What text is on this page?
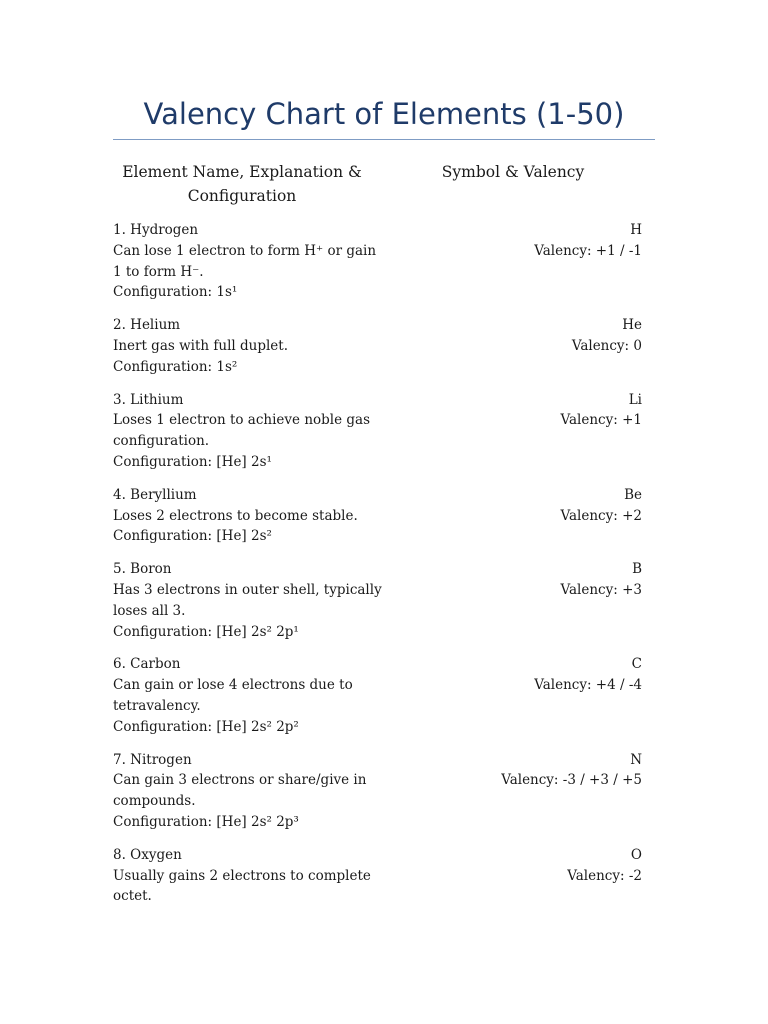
Valency Chart of Elements (1-50)
Element Name, Explanation & Configuration
Symbol & Valency
1. Hydrogen
Can lose 1 electron to form H⁺ or gain 1 to form H⁻.
Configuration: 1s¹
H
Valency: +1 / -1
2. Helium
Inert gas with full duplet.
Configuration: 1s²
He
Valency: 0
3. Lithium
Loses 1 electron to achieve noble gas configuration.
Configuration: [He] 2s¹
Li
Valency: +1
4. Beryllium
Loses 2 electrons to become stable.
Configuration: [He] 2s²
Be
Valency: +2
5. Boron
Has 3 electrons in outer shell, typically loses all 3.
Configuration: [He] 2s² 2p¹
B
Valency: +3
6. Carbon
Can gain or lose 4 electrons due to tetravalency.
Configuration: [He] 2s² 2p²
C
Valency: +4 / -4
7. Nitrogen
Can gain 3 electrons or share/give in compounds.
Configuration: [He] 2s² 2p³
N
Valency: -3 / +3 / +5
8. Oxygen
Usually gains 2 electrons to complete octet.
O
Valency: -2
